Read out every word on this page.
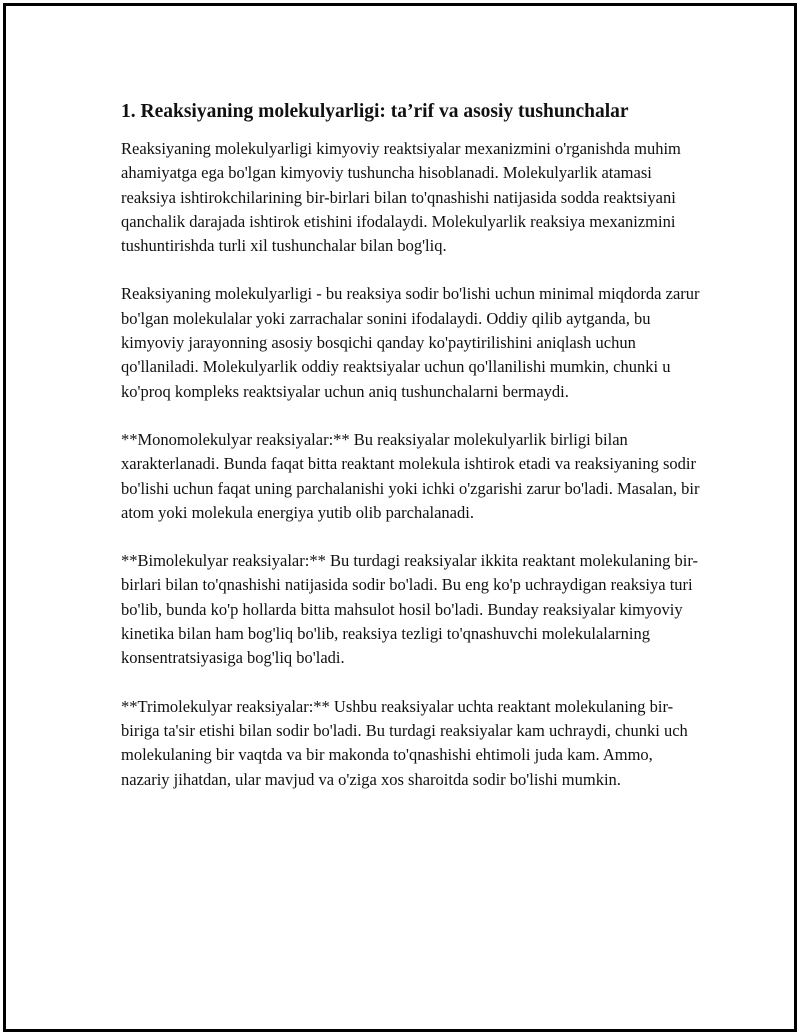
1. Reaksiyaning molekulyarligi: ta’rif va asosiy tushunchalar

Reaksiyaning molekulyarligi kimyoviy reaktsiyalar mexanizmini o'rganishda muhim ahamiyatga ega bo'lgan kimyoviy tushuncha hisoblanadi. Molekulyarlik atamasi reaksiya ishtirokchilarining bir-birlari bilan to'qnashishi natijasida sodda reaktsiyani qanchalik darajada ishtirok etishini ifodalaydi. Molekulyarlik reaksiya mexanizmini tushuntirishda turli xil tushunchalar bilan bog'liq.

Reaksiyaning molekulyarligi - bu reaksiya sodir bo'lishi uchun minimal miqdorda zarur bo'lgan molekulalar yoki zarrachalar sonini ifodalaydi. Oddiy qilib aytganda, bu kimyoviy jarayonning asosiy bosqichi qanday ko'paytirilishini aniqlash uchun qo'llaniladi. Molekulyarlik oddiy reaktsiyalar uchun qo'llanilishi mumkin, chunki u ko'proq kompleks reaktsiyalar uchun aniq tushunchalarni bermaydi.

**Monomolekulyar reaksiyalar:** Bu reaksiyalar molekulyarlik birligi bilan xarakterlanadi. Bunda faqat bitta reaktant molekula ishtirok etadi va reaksiyaning sodir bo'lishi uchun faqat uning parchalanishi yoki ichki o'zgarishi zarur bo'ladi. Masalan, bir atom yoki molekula energiya yutib olib parchalanadi.

**Bimolekulyar reaksiyalar:** Bu turdagi reaksiyalar ikkita reaktant molekulaning bir-birlari bilan to'qnashishi natijasida sodir bo'ladi. Bu eng ko'p uchraydigan reaksiya turi bo'lib, bunda ko'p hollarda bitta mahsulot hosil bo'ladi. Bunday reaksiyalar kimyoviy kinetika bilan ham bog'liq bo'lib, reaksiya tezligi to'qnashuvchi molekulalarning konsentratsiyasiga bog'liq bo'ladi.

**Trimolekulyar reaksiyalar:** Ushbu reaksiyalar uchta reaktant molekulaning bir-biriga ta'sir etishi bilan sodir bo'ladi. Bu turdagi reaksiyalar kam uchraydi, chunki uch molekulaning bir vaqtda va bir makonda to'qnashishi ehtimoli juda kam. Ammo, nazariy jihatdan, ular mavjud va o'ziga xos sharoitda sodir bo'lishi mumkin.
